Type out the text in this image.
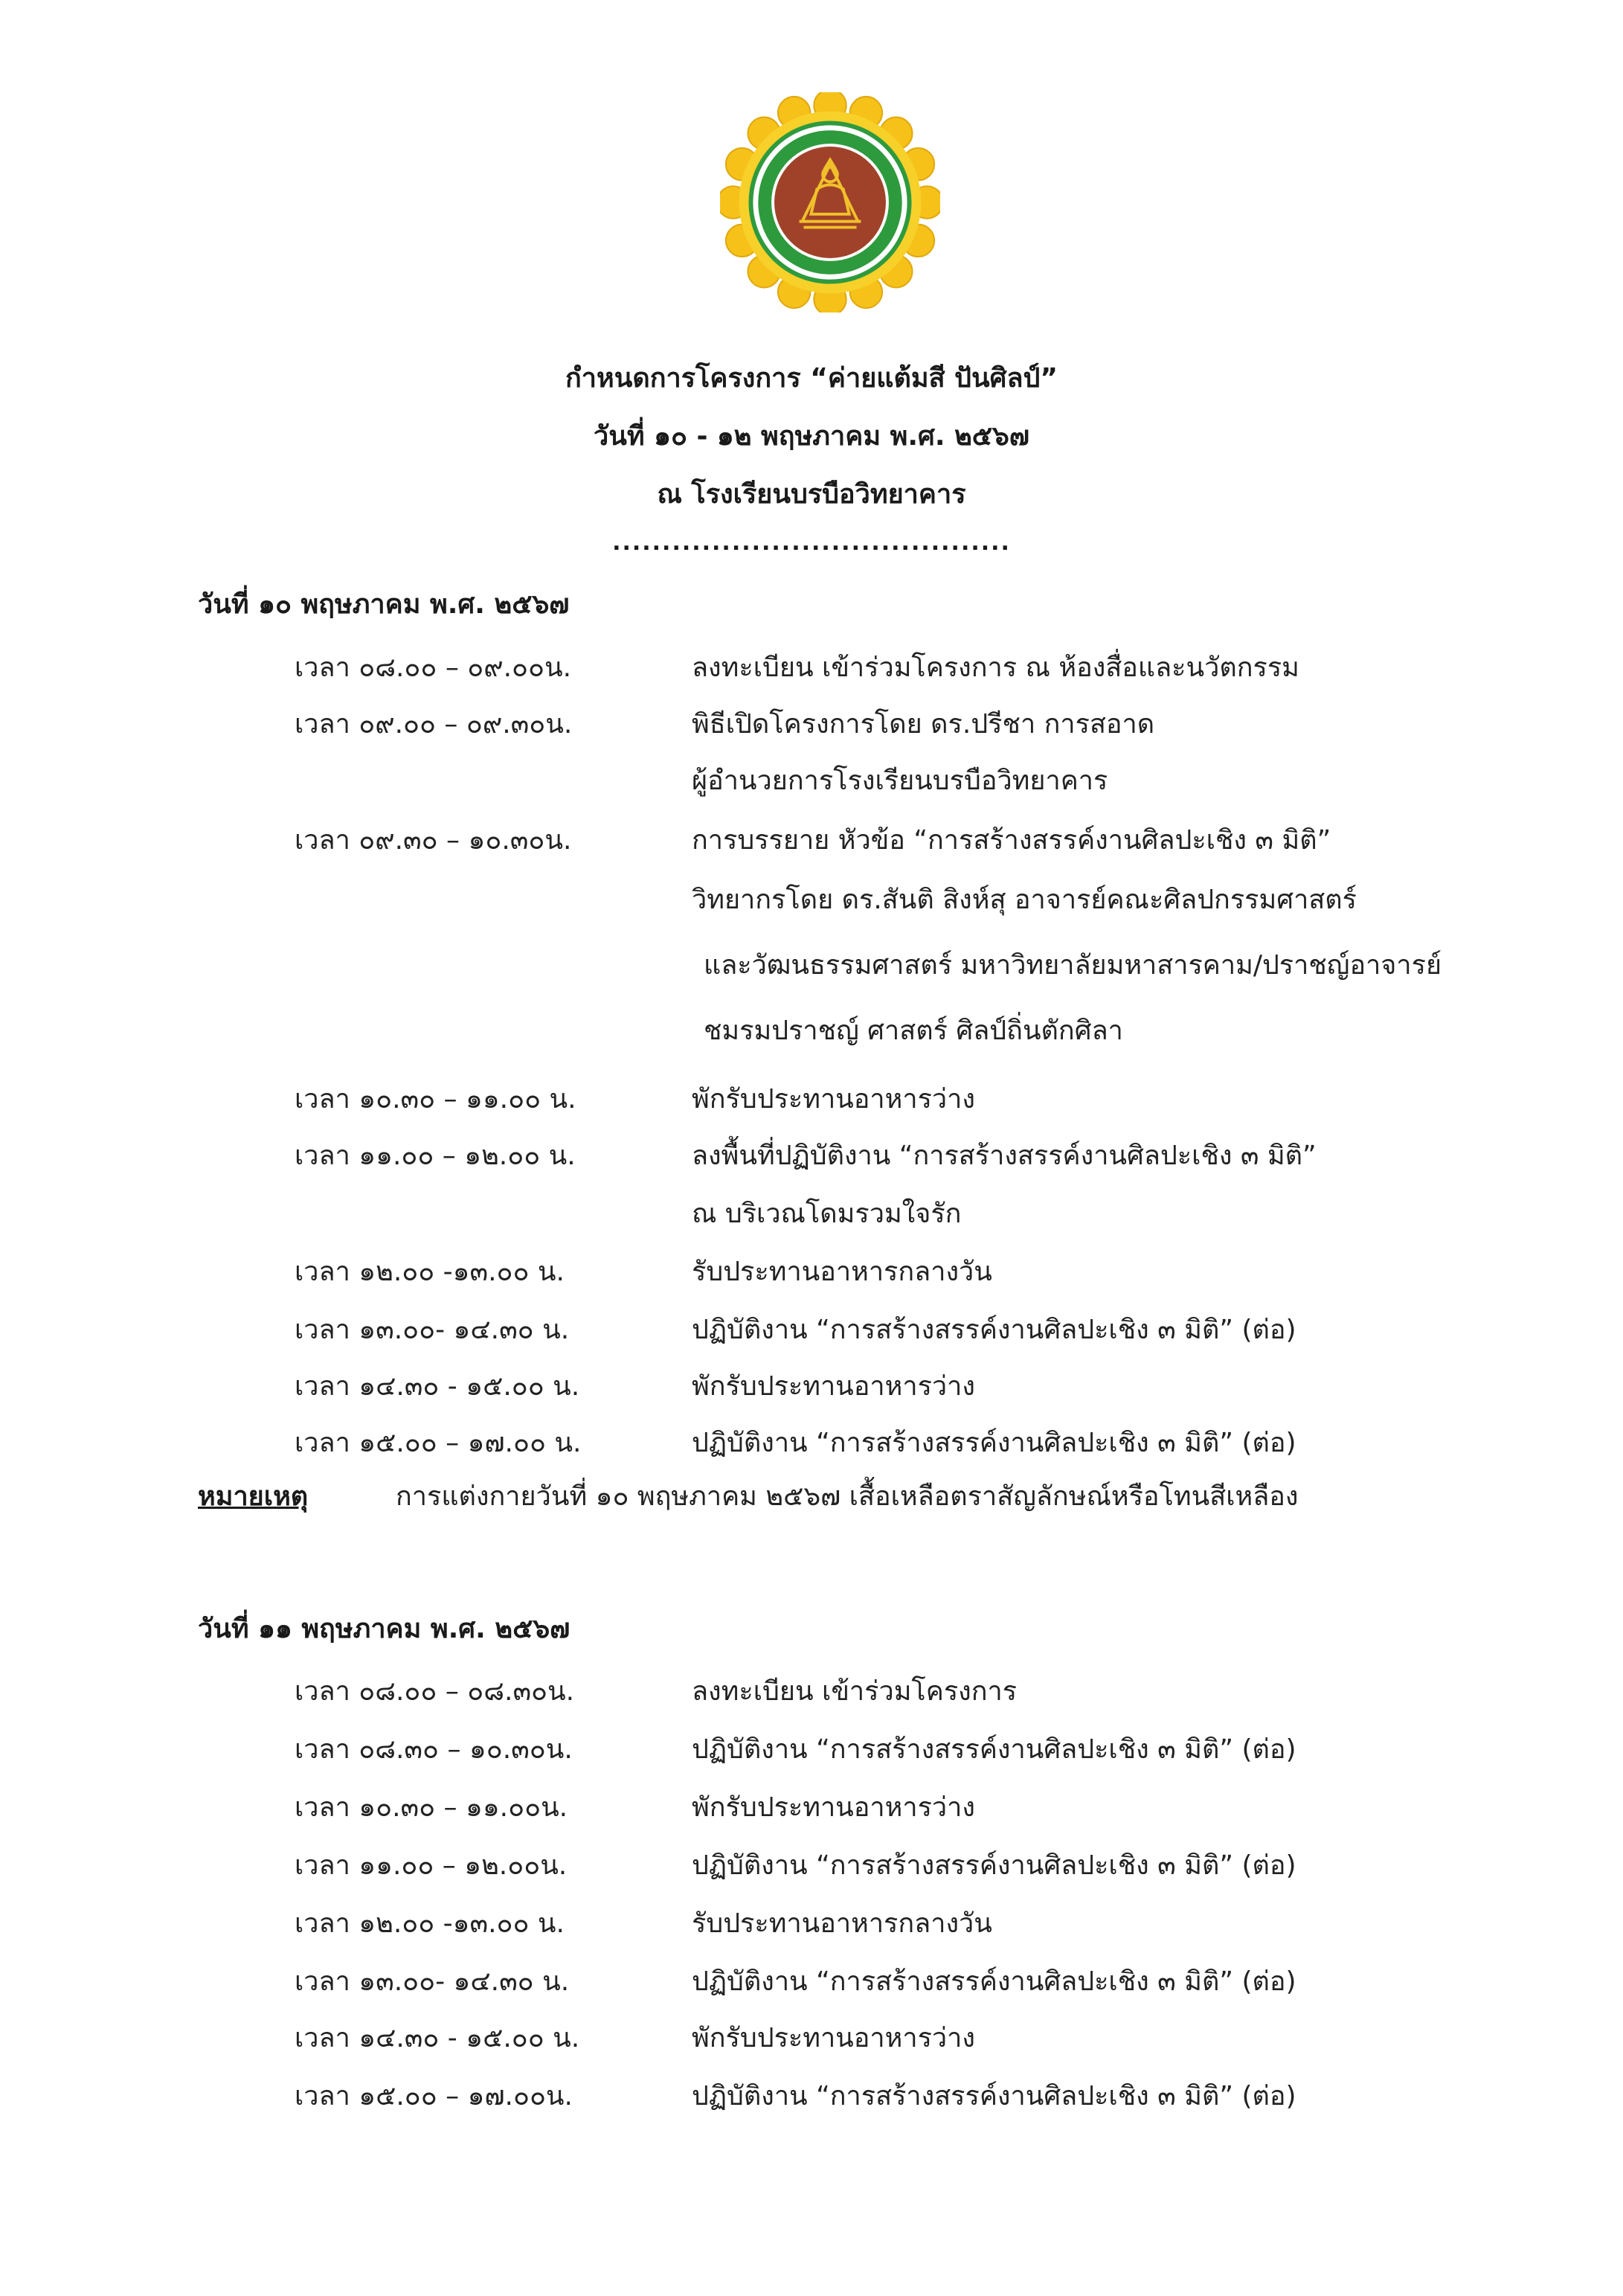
กำหนดการโครงการ “ค่ายแต้มสี ปันศิลป์”
วันที่ ๑๐ - ๑๒ พฤษภาคม พ.ศ. ๒๕๖๗
ณ โรงเรียนบรบือวิทยาคาร
........................................
วันที่ ๑๐ พฤษภาคม พ.ศ. ๒๕๖๗
เวลา ๐๘.๐๐ – ๐๙.๐๐น.	ลงทะเบียน เข้าร่วมโครงการ ณ ห้องสื่อและนวัตกรรม
เวลา ๐๙.๐๐ – ๐๙.๓๐น.	พิธีเปิดโครงการโดย ดร.ปรีชา การสอาด
ผู้อำนวยการโรงเรียนบรบือวิทยาคาร
เวลา ๐๙.๓๐ – ๑๐.๓๐น.	การบรรยาย หัวข้อ “การสร้างสรรค์งานศิลปะเชิง ๓ มิติ”
วิทยากรโดย ดร.สันติ สิงห์สุ อาจารย์คณะศิลปกรรมศาสตร์
และวัฒนธรรมศาสตร์ มหาวิทยาลัยมหาสารคาม/ปราชญ์อาจารย์
ชมรมปราชญ์ ศาสตร์ ศิลป์ถิ่นตักศิลา
เวลา ๑๐.๓๐ – ๑๑.๐๐ น.	พักรับประทานอาหารว่าง
เวลา ๑๑.๐๐ – ๑๒.๐๐ น.	ลงพื้นที่ปฏิบัติงาน “การสร้างสรรค์งานศิลปะเชิง ๓ มิติ”
ณ บริเวณโดมรวมใจรัก
เวลา ๑๒.๐๐ -๑๓.๐๐ น.	รับประทานอาหารกลางวัน
เวลา ๑๓.๐๐- ๑๔.๓๐ น.	ปฏิบัติงาน “การสร้างสรรค์งานศิลปะเชิง ๓ มิติ” (ต่อ)
เวลา ๑๔.๓๐ - ๑๕.๐๐ น.	พักรับประทานอาหารว่าง
เวลา ๑๕.๐๐ – ๑๗.๐๐ น.	ปฏิบัติงาน “การสร้างสรรค์งานศิลปะเชิง ๓ มิติ” (ต่อ)
หมายเหตุ	การแต่งกายวันที่ ๑๐ พฤษภาคม ๒๕๖๗ เสื้อเหลือตราสัญลักษณ์หรือโทนสีเหลือง
วันที่ ๑๑ พฤษภาคม พ.ศ. ๒๕๖๗
เวลา ๐๘.๐๐ – ๐๘.๓๐น.	ลงทะเบียน เข้าร่วมโครงการ
เวลา ๐๘.๓๐ – ๑๐.๓๐น.	ปฏิบัติงาน “การสร้างสรรค์งานศิลปะเชิง ๓ มิติ” (ต่อ)
เวลา ๑๐.๓๐ – ๑๑.๐๐น.	พักรับประทานอาหารว่าง
เวลา ๑๑.๐๐ – ๑๒.๐๐น.	ปฏิบัติงาน “การสร้างสรรค์งานศิลปะเชิง ๓ มิติ” (ต่อ)
เวลา ๑๒.๐๐ -๑๓.๐๐ น.	รับประทานอาหารกลางวัน
เวลา ๑๓.๐๐- ๑๔.๓๐ น.	ปฏิบัติงาน “การสร้างสรรค์งานศิลปะเชิง ๓ มิติ” (ต่อ)
เวลา ๑๔.๓๐ - ๑๕.๐๐ น.	พักรับประทานอาหารว่าง
เวลา ๑๕.๐๐ – ๑๗.๐๐น.	ปฏิบัติงาน “การสร้างสรรค์งานศิลปะเชิง ๓ มิติ” (ต่อ)
